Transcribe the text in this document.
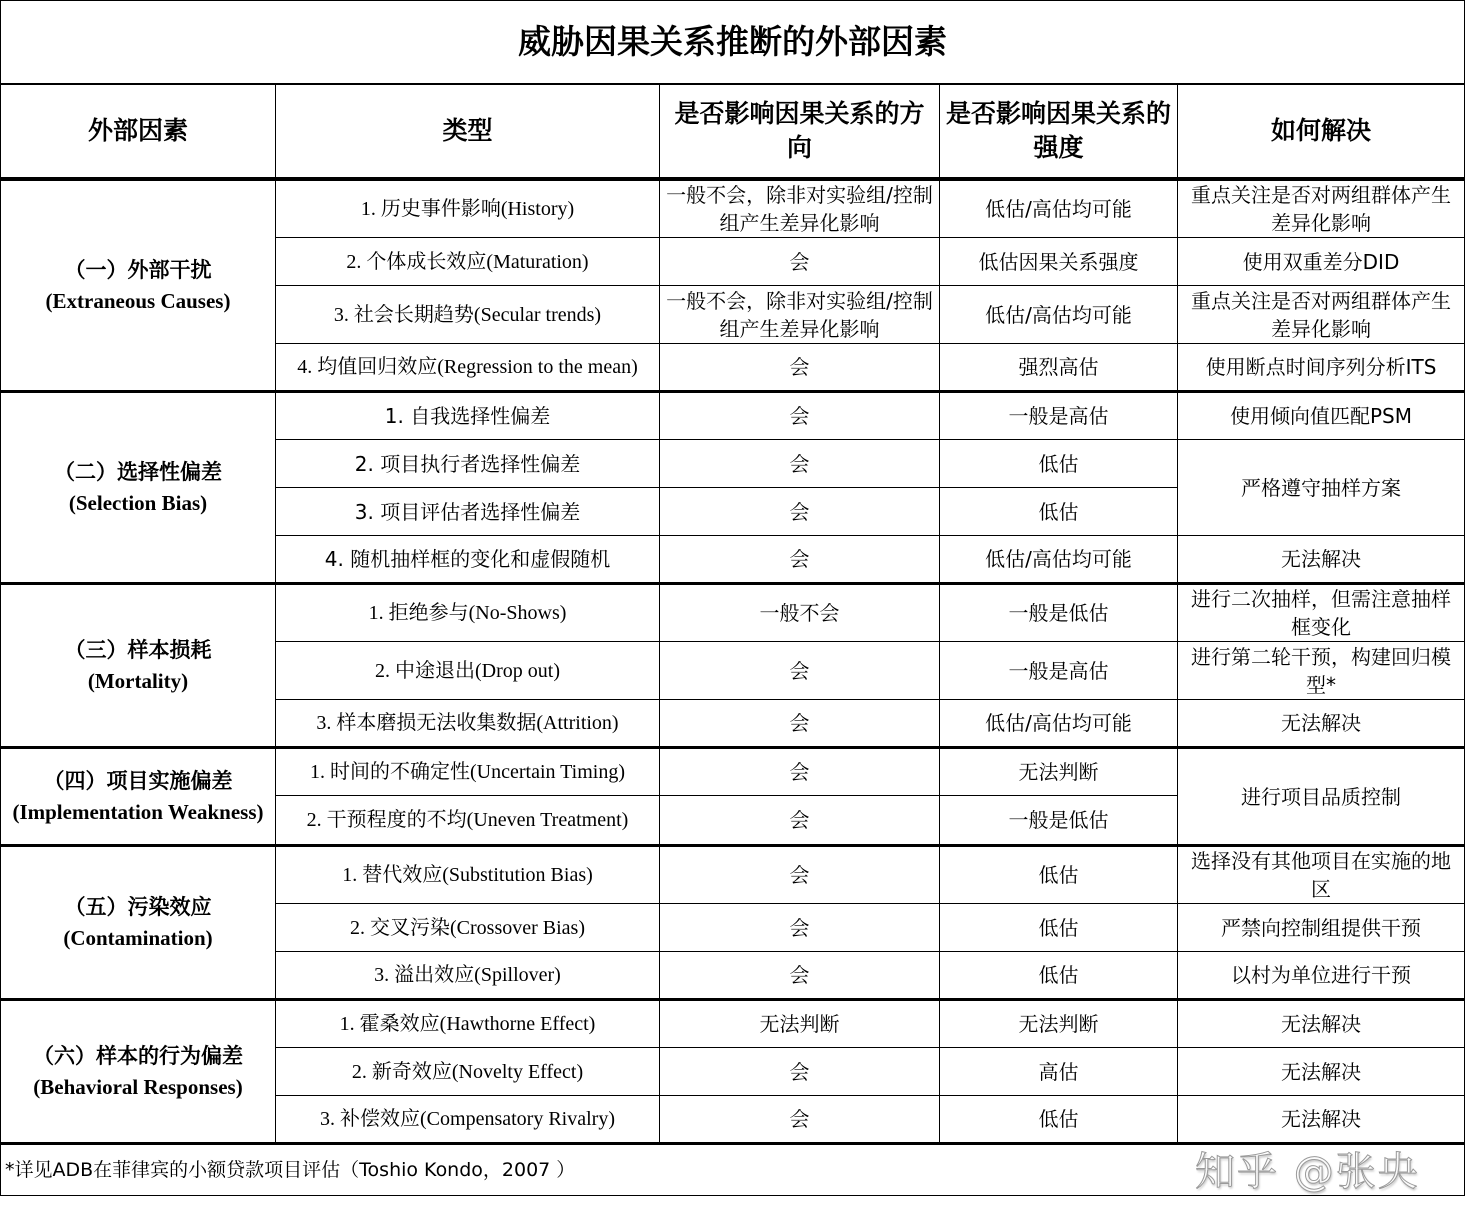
威胁因果关系推断的外部因素				
外部因素	类型	是否影响因果关系的方向	是否影响因果关系的强度	如何解决

（一）外部干扰
(Extraneous Causes)	1. 历史事件影响(History)	一般不会，除非对实验组/控制组产生差异化影响	低估/高估均可能	重点关注是否对两组群体产生差异化影响
	2. 个体成长效应(Maturation)	会	低估因果关系强度	使用双重差分DID
	3. 社会长期趋势(Secular trends)	一般不会，除非对实验组/控制组产生差异化影响	低估/高估均可能	重点关注是否对两组群体产生差异化影响
	4. 均值回归效应(Regression to the mean)	会	强烈高估	使用断点时间序列分析ITS

（二）选择性偏差
(Selection Bias)	1. 自我选择性偏差	会	一般是高估	使用倾向值匹配PSM
	2. 项目执行者选择性偏差	会	低估	严格遵守抽样方案
	3. 项目评估者选择性偏差	会	低估	
	4. 随机抽样框的变化和虚假随机	会	低估/高估均可能	无法解决

（三）样本损耗
(Mortality)	1. 拒绝参与(No-Shows)	一般不会	一般是低估	进行二次抽样，但需注意抽样框变化
	2. 中途退出(Drop out)	会	一般是高估	进行第二轮干预，构建回归模型*
	3. 样本磨损无法收集数据(Attrition)	会	低估/高估均可能	无法解决

（四）项目实施偏差
(Implementation Weakness)	1. 时间的不确定性(Uncertain Timing)	会	无法判断	进行项目品质控制
	2. 干预程度的不均(Uneven Treatment)	会	一般是低估	

（五）污染效应
(Contamination)	1. 替代效应(Substitution Bias)	会	低估	选择没有其他项目在实施的地区
	2. 交叉污染(Crossover Bias)	会	低估	严禁向控制组提供干预
	3. 溢出效应(Spillover)	会	低估	以村为单位进行干预

（六）样本的行为偏差
(Behavioral Responses)	1. 霍桑效应(Hawthorne Effect)	无法判断	无法判断	无法解决
	2. 新奇效应(Novelty Effect)	会	高估	无法解决
	3. 补偿效应(Compensatory Rivalry)	会	低估	无法解决
*详见ADB在菲律宾的小额贷款项目评估（Toshio Kondo，2007 ）					知乎 @张央
